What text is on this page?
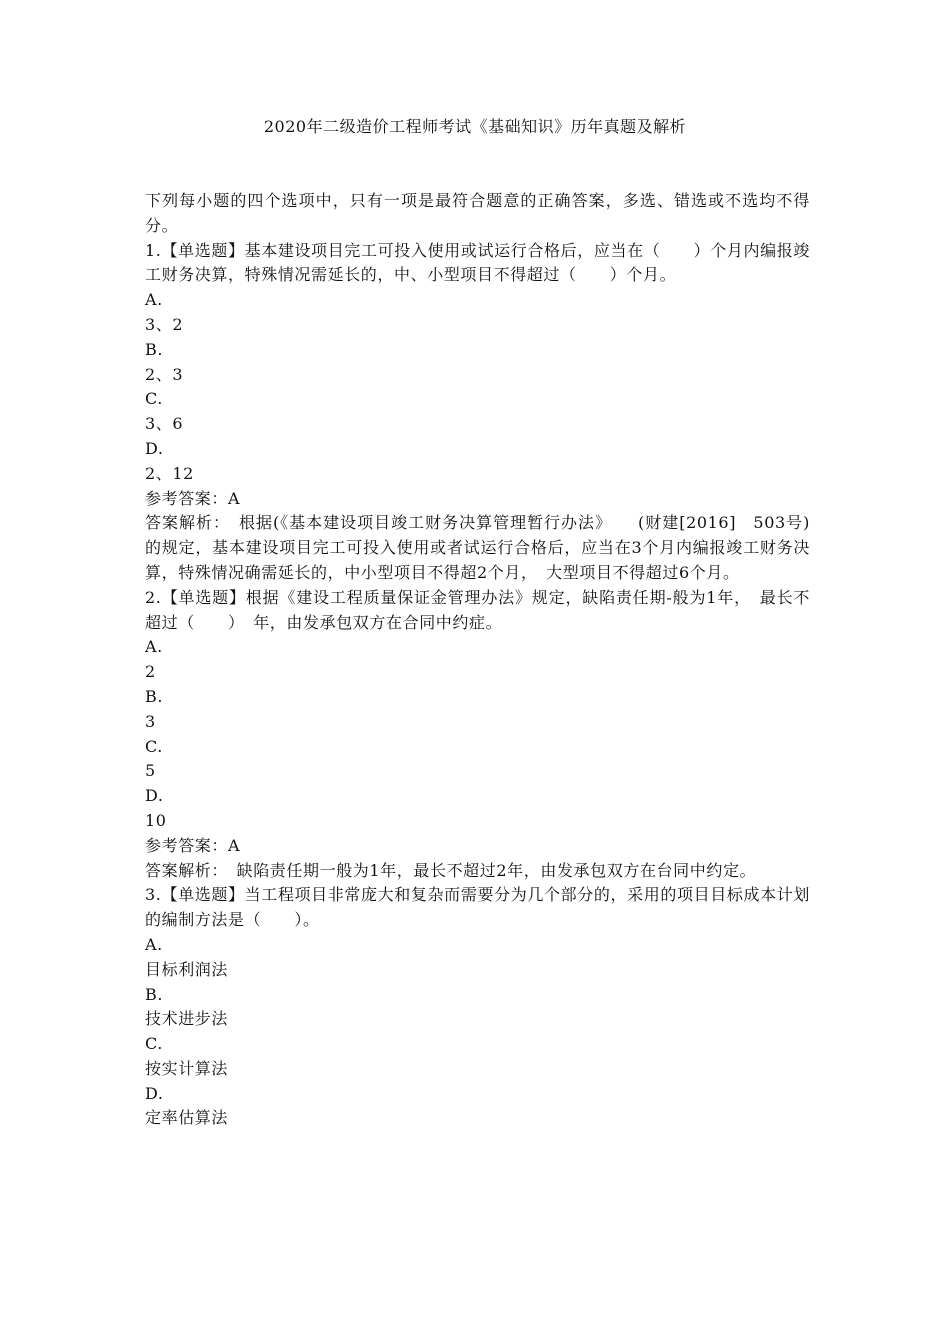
2020年二级造价工程师考试《基础知识》历年真题及解析
下列每小题的四个选项中，只有一项是最符合题意的正确答案，多选、错选或不选均不得分。
1.【单选题】基本建设项目完工可投入使用或试运行合格后，应当在（　　）个月内编报竣工财务决算，特殊情况需延长的，中、小型项目不得超过（　　）个月。
A.
3、2
B.
2、3
C.
3、6
D.
2、12
参考答案：A
答案解析：　根据(《基本建设项目竣工财务决算管理暂行办法》　　(财建[2016]　503号)的规定，基本建设项目完工可投入使用或者试运行合格后，应当在3个月内编报竣工财务决算，特殊情况确需延长的，中小型项目不得超2个月，　大型项目不得超过6个月。
2.【单选题】根据《建设工程质量保证金管理办法》规定，缺陷责任期-般为1年，　最长不超过（　　）　年，由发承包双方在合同中约症。
A.
2
B.
3
C.
5
D.
10
参考答案：A
答案解析：　缺陷责任期一般为1年，最长不超过2年，由发承包双方在台同中约定。
3.【单选题】当工程项目非常庞大和复杂而需要分为几个部分的，采用的项目目标成本计划的编制方法是（　　）。
A.
目标利润法
B.
技术进步法
C.
按实计算法
D.
定率估算法
